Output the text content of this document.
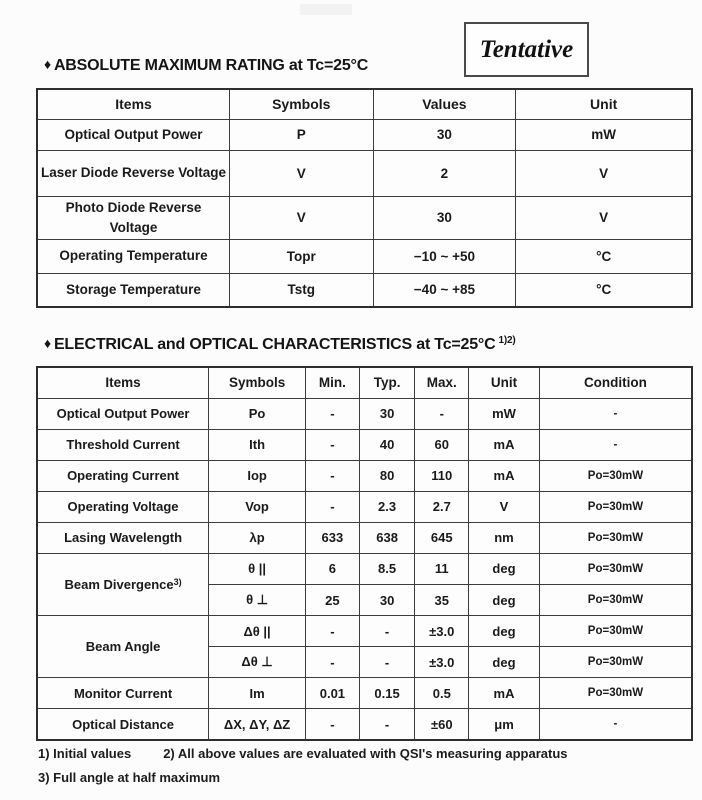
Tentative
♦ ABSOLUTE MAXIMUM RATING at Tc=25°C
Items	Symbols	Values	Unit
Optical Output Power	P	30	mW
Laser Diode Reverse Voltage	V	2	V
Photo Diode Reverse Voltage	V	30	V
Operating Temperature	Topr	−10 ~ +50	°C
Storage Temperature	Tstg	−40 ~ +85	°C
♦ ELECTRICAL and OPTICAL CHARACTERISTICS at Tc=25°C $^{1)2)}$
Items	Symbols	Min.	Typ.	Max.	Unit	Condition
Optical Output Power	Po	-	30	-	mW	-
Threshold Current	Ith	-	40	60	mA	-
Operating Current	Iop	-	80	110	mA	Po=30mW
Operating Voltage	Vop	-	2.3	2.7	V	Po=30mW
Lasing Wavelength	λp	633	638	645	nm	Po=30mW
Beam Divergence$^{3)}$	θ ||	6	8.5	11	deg	Po=30mW
	θ ⊥	25	30	35	deg	Po=30mW
Beam Angle	Δθ ||	-	-	±3.0	deg	Po=30mW
	Δθ ⊥	-	-	±3.0	deg	Po=30mW
Monitor Current	Im	0.01	0.15	0.5	mA	Po=30mW
Optical Distance	ΔX, ΔY, ΔZ	-	-	±60	μm	-
1) Initial values 2) All above values are evaluated with QSI's measuring apparatus
3) Full angle at half maximum
